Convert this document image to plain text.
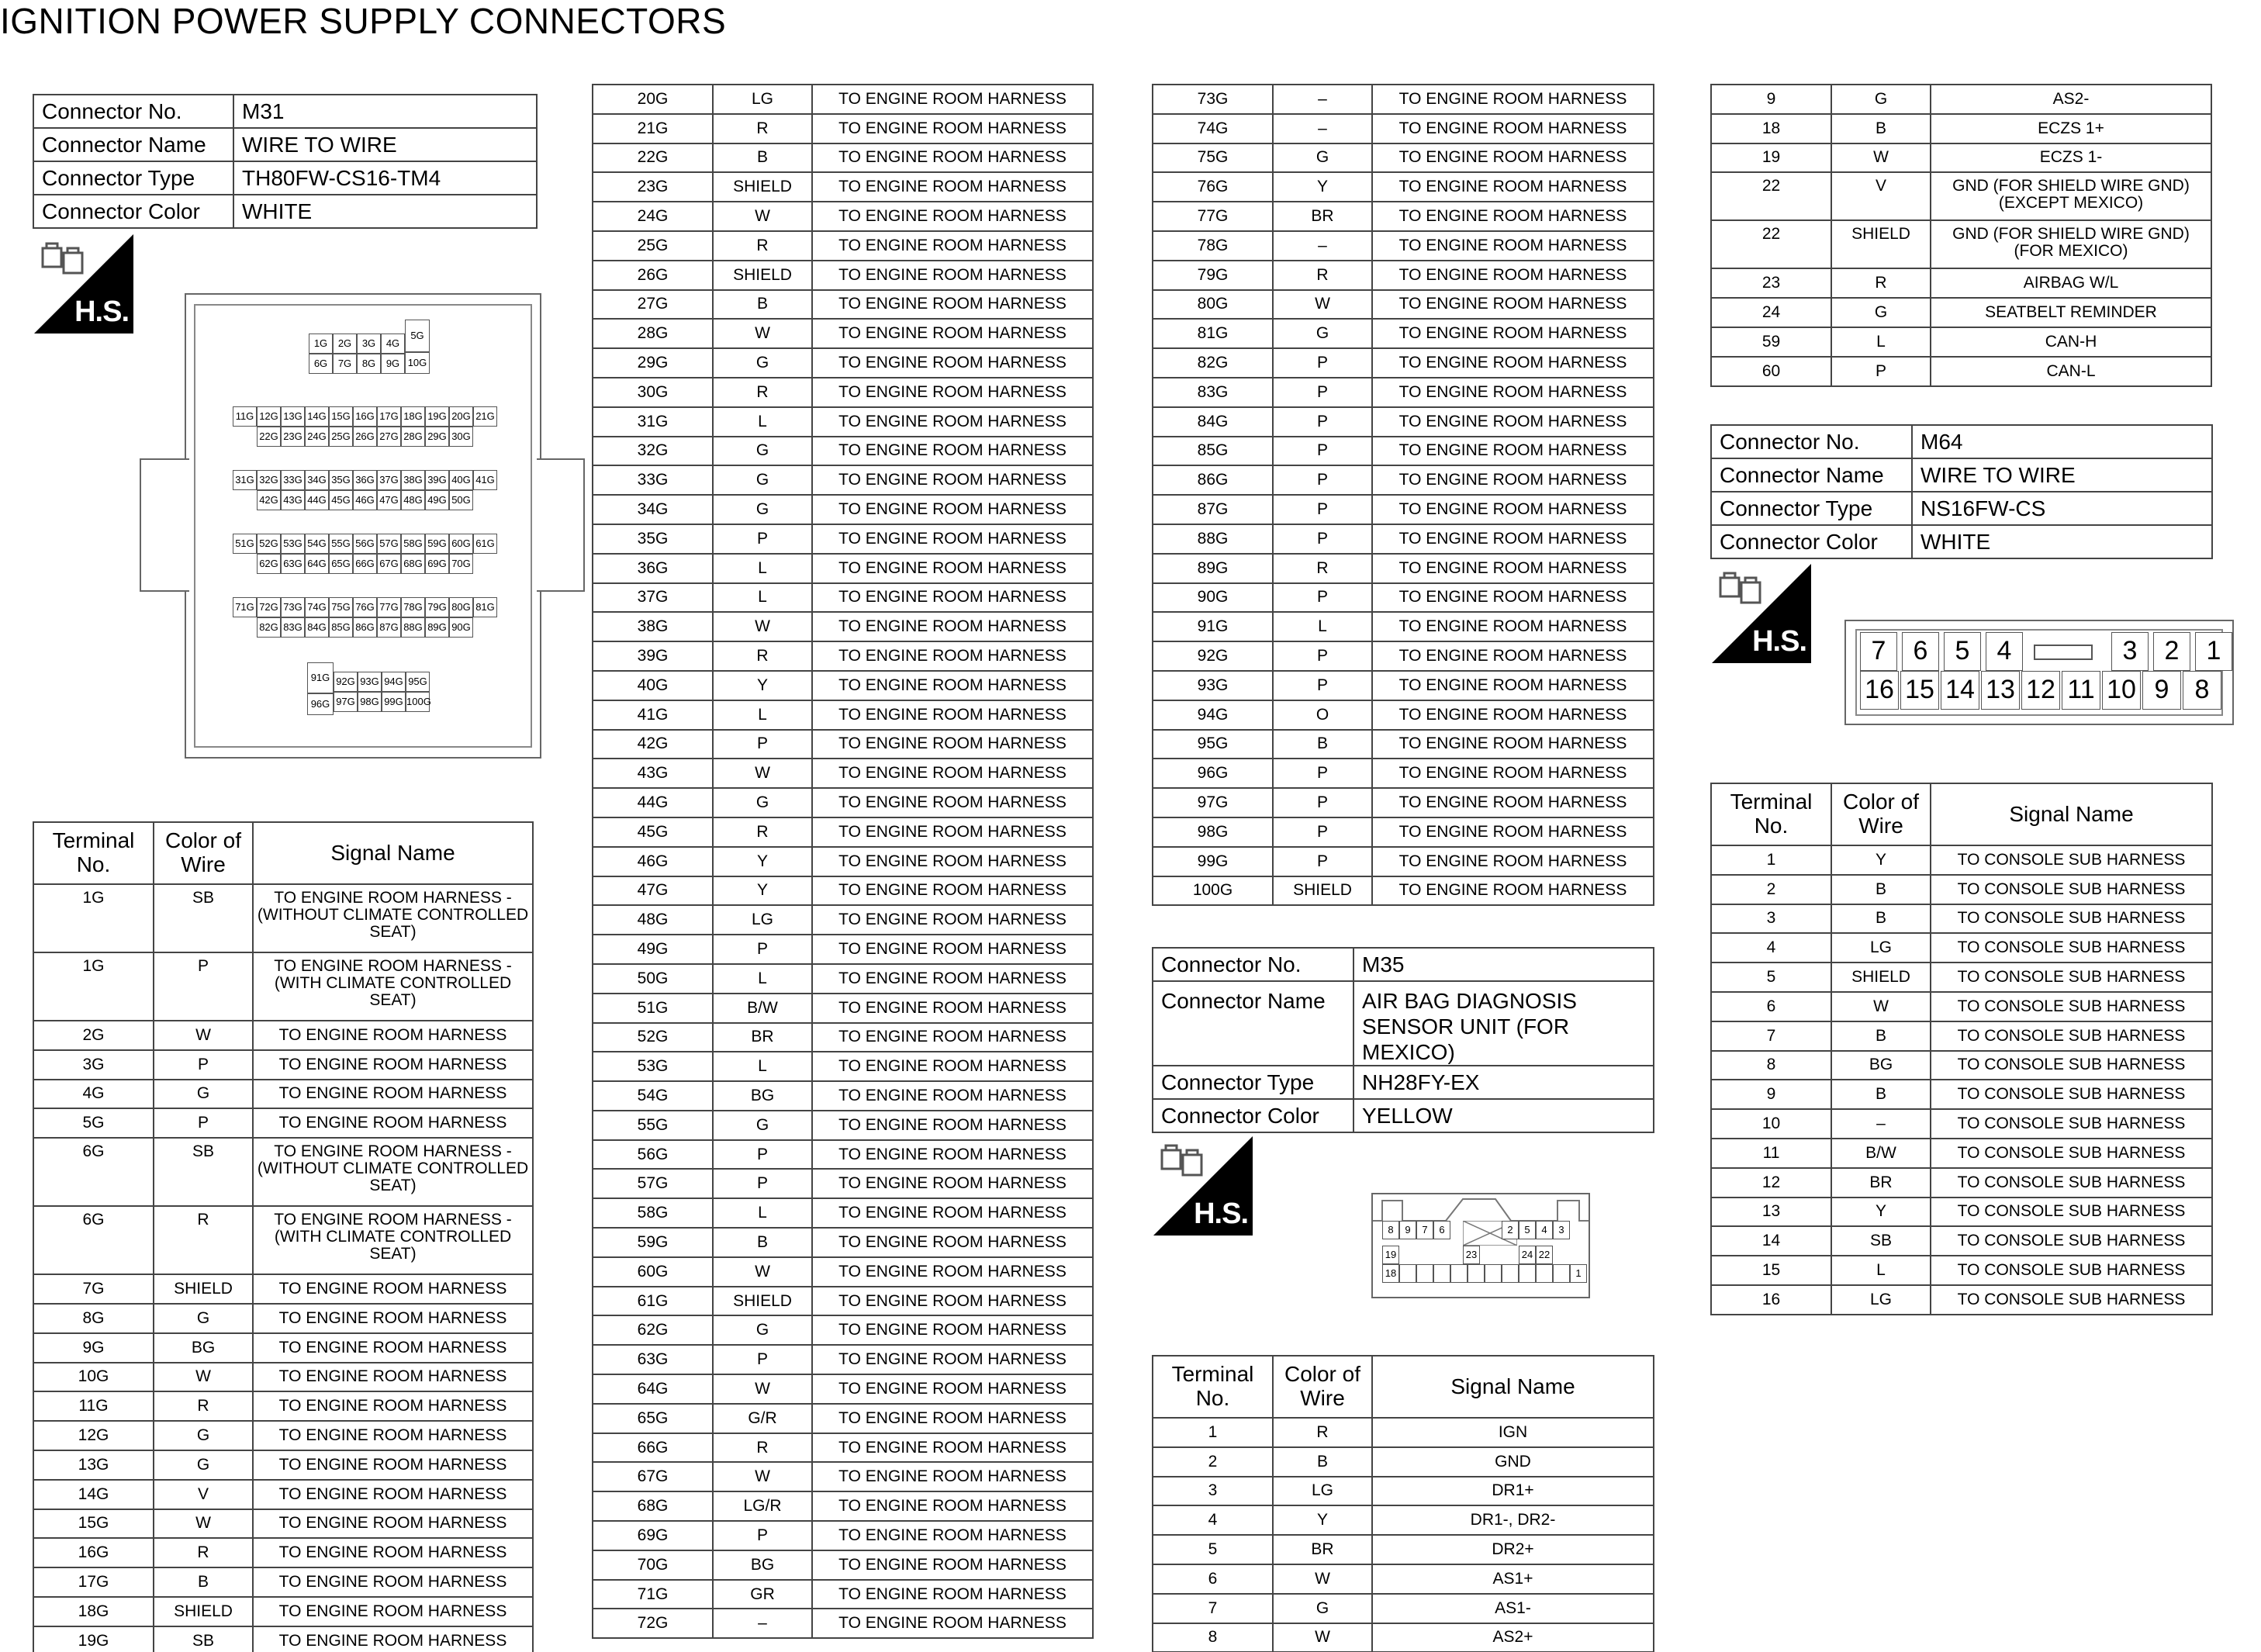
IGNITION POWER SUPPLY CONNECTORS
Connector No.	M31
Connector Name	WIRE TO WIRE
Connector Type	TH80FW-CS16-TM4
Connector Color	WHITE
H.S.
1G	2G	3G	4G
6G	7G	8G	9G
11G 12G 13G 14G 15G 16G 17G 18G 19G 20G 21G
22G 23G 24G 25G 26G 27G 28G 29G 30G
31G 32G 33G 34G 35G 36G 37G 38G 39G 40G 41G
42G 43G 44G 45G 46G 47G 48G 49G 50G
51G 52G 53G 54G 55G 56G 57G 58G 59G 60G 61G
62G 63G 64G 65G 66G 67G 68G 69G 70G
71G 72G 73G 74G 75G 76G 77G 78G 79G 80G 81G
82G 83G 84G 85G 86G 87G 88G 89G 90G
92G 93G 94G 95G
97G 98G 99G 100G
5G
10G
91G
96G
Terminal No.	Color of Wire	Signal Name
1G	SB	TO ENGINE ROOM HARNESS - (WITHOUT CLIMATE CONTROLLED SEAT)
1G	P	TO ENGINE ROOM HARNESS - (WITH CLIMATE CONTROLLED SEAT)
2G	W	TO ENGINE ROOM HARNESS
3G	P	TO ENGINE ROOM HARNESS
4G	G	TO ENGINE ROOM HARNESS
5G	P	TO ENGINE ROOM HARNESS
6G	SB	TO ENGINE ROOM HARNESS - (WITHOUT CLIMATE CONTROLLED SEAT)
6G	R	TO ENGINE ROOM HARNESS - (WITH CLIMATE CONTROLLED SEAT)
7G	SHIELD	TO ENGINE ROOM HARNESS
8G	G	TO ENGINE ROOM HARNESS
9G	BG	TO ENGINE ROOM HARNESS
10G	W	TO ENGINE ROOM HARNESS
11G	R	TO ENGINE ROOM HARNESS
12G	G	TO ENGINE ROOM HARNESS
13G	G	TO ENGINE ROOM HARNESS
14G	V	TO ENGINE ROOM HARNESS
15G	W	TO ENGINE ROOM HARNESS
16G	R	TO ENGINE ROOM HARNESS
17G	B	TO ENGINE ROOM HARNESS
18G	SHIELD	TO ENGINE ROOM HARNESS
19G	SB	TO ENGINE ROOM HARNESS
20G	LG	TO ENGINE ROOM HARNESS
21G	R	TO ENGINE ROOM HARNESS
22G	B	TO ENGINE ROOM HARNESS
23G	SHIELD	TO ENGINE ROOM HARNESS
24G	W	TO ENGINE ROOM HARNESS
25G	R	TO ENGINE ROOM HARNESS
26G	SHIELD	TO ENGINE ROOM HARNESS
27G	B	TO ENGINE ROOM HARNESS
28G	W	TO ENGINE ROOM HARNESS
29G	G	TO ENGINE ROOM HARNESS
30G	R	TO ENGINE ROOM HARNESS
31G	L	TO ENGINE ROOM HARNESS
32G	G	TO ENGINE ROOM HARNESS
33G	G	TO ENGINE ROOM HARNESS
34G	G	TO ENGINE ROOM HARNESS
35G	P	TO ENGINE ROOM HARNESS
36G	L	TO ENGINE ROOM HARNESS
37G	L	TO ENGINE ROOM HARNESS
38G	W	TO ENGINE ROOM HARNESS
39G	R	TO ENGINE ROOM HARNESS
40G	Y	TO ENGINE ROOM HARNESS
41G	L	TO ENGINE ROOM HARNESS
42G	P	TO ENGINE ROOM HARNESS
43G	W	TO ENGINE ROOM HARNESS
44G	G	TO ENGINE ROOM HARNESS
45G	R	TO ENGINE ROOM HARNESS
46G	Y	TO ENGINE ROOM HARNESS
47G	Y	TO ENGINE ROOM HARNESS
48G	LG	TO ENGINE ROOM HARNESS
49G	P	TO ENGINE ROOM HARNESS
50G	L	TO ENGINE ROOM HARNESS
51G	B/W	TO ENGINE ROOM HARNESS
52G	BR	TO ENGINE ROOM HARNESS
53G	L	TO ENGINE ROOM HARNESS
54G	BG	TO ENGINE ROOM HARNESS
55G	G	TO ENGINE ROOM HARNESS
56G	P	TO ENGINE ROOM HARNESS
57G	P	TO ENGINE ROOM HARNESS
58G	L	TO ENGINE ROOM HARNESS
59G	B	TO ENGINE ROOM HARNESS
60G	W	TO ENGINE ROOM HARNESS
61G	SHIELD	TO ENGINE ROOM HARNESS
62G	G	TO ENGINE ROOM HARNESS
63G	P	TO ENGINE ROOM HARNESS
64G	W	TO ENGINE ROOM HARNESS
65G	G/R	TO ENGINE ROOM HARNESS
66G	R	TO ENGINE ROOM HARNESS
67G	W	TO ENGINE ROOM HARNESS
68G	LG/R	TO ENGINE ROOM HARNESS
69G	P	TO ENGINE ROOM HARNESS
70G	BG	TO ENGINE ROOM HARNESS
71G	GR	TO ENGINE ROOM HARNESS
72G	–	TO ENGINE ROOM HARNESS
73G	–	TO ENGINE ROOM HARNESS
74G	–	TO ENGINE ROOM HARNESS
75G	G	TO ENGINE ROOM HARNESS
76G	Y	TO ENGINE ROOM HARNESS
77G	BR	TO ENGINE ROOM HARNESS
78G	–	TO ENGINE ROOM HARNESS
79G	R	TO ENGINE ROOM HARNESS
80G	W	TO ENGINE ROOM HARNESS
81G	G	TO ENGINE ROOM HARNESS
82G	P	TO ENGINE ROOM HARNESS
83G	P	TO ENGINE ROOM HARNESS
84G	P	TO ENGINE ROOM HARNESS
85G	P	TO ENGINE ROOM HARNESS
86G	P	TO ENGINE ROOM HARNESS
87G	P	TO ENGINE ROOM HARNESS
88G	P	TO ENGINE ROOM HARNESS
89G	R	TO ENGINE ROOM HARNESS
90G	P	TO ENGINE ROOM HARNESS
91G	L	TO ENGINE ROOM HARNESS
92G	P	TO ENGINE ROOM HARNESS
93G	P	TO ENGINE ROOM HARNESS
94G	O	TO ENGINE ROOM HARNESS
95G	B	TO ENGINE ROOM HARNESS
96G	P	TO ENGINE ROOM HARNESS
97G	P	TO ENGINE ROOM HARNESS
98G	P	TO ENGINE ROOM HARNESS
99G	P	TO ENGINE ROOM HARNESS
100G	SHIELD	TO ENGINE ROOM HARNESS
Connector No.	M35
Connector Name	AIR BAG DIAGNOSIS SENSOR UNIT (FOR MEXICO)
Connector Type	NH28FY-EX
Connector Color	YELLOW
H.S.	8	9	7	6	2	5	4	3
19	23	24 22
18	1
Terminal No.	Color of Wire	Signal Name
1	R	IGN
2	B	GND
3	LG	DR1+
4	Y	DR1-, DR2-
5	BR	DR2+
6	W	AS1+
7	G	AS1-
8	W	AS2+
9	G	AS2-
18	B	ECZS 1+
19	W	ECZS 1-
22	V	GND (FOR SHIELD WIRE GND) (EXCEPT MEXICO)
22	SHIELD	GND (FOR SHIELD WIRE GND) (FOR MEXICO)
23	R	AIRBAG W/L
24	G	SEATBELT REMINDER
59	L	CAN-H
60	P	CAN-L
Connector No.	M64
Connector Name	WIRE TO WIRE
Connector Type	NS16FW-CS
Connector Color	WHITE
H.S.	7	6	5	4	3	2	1
16 15 14 13 12 11 10 9 8
Terminal No.	Color of Wire	Signal Name
1	Y	TO CONSOLE SUB HARNESS
2	B	TO CONSOLE SUB HARNESS
3	B	TO CONSOLE SUB HARNESS
4	LG	TO CONSOLE SUB HARNESS
5	SHIELD	TO CONSOLE SUB HARNESS
6	W	TO CONSOLE SUB HARNESS
7	B	TO CONSOLE SUB HARNESS
8	BG	TO CONSOLE SUB HARNESS
9	B	TO CONSOLE SUB HARNESS
10	–	TO CONSOLE SUB HARNESS
11	B/W	TO CONSOLE SUB HARNESS
12	BR	TO CONSOLE SUB HARNESS
13	Y	TO CONSOLE SUB HARNESS
14	SB	TO CONSOLE SUB HARNESS
15	L	TO CONSOLE SUB HARNESS
16	LG	TO CONSOLE SUB HARNESS
